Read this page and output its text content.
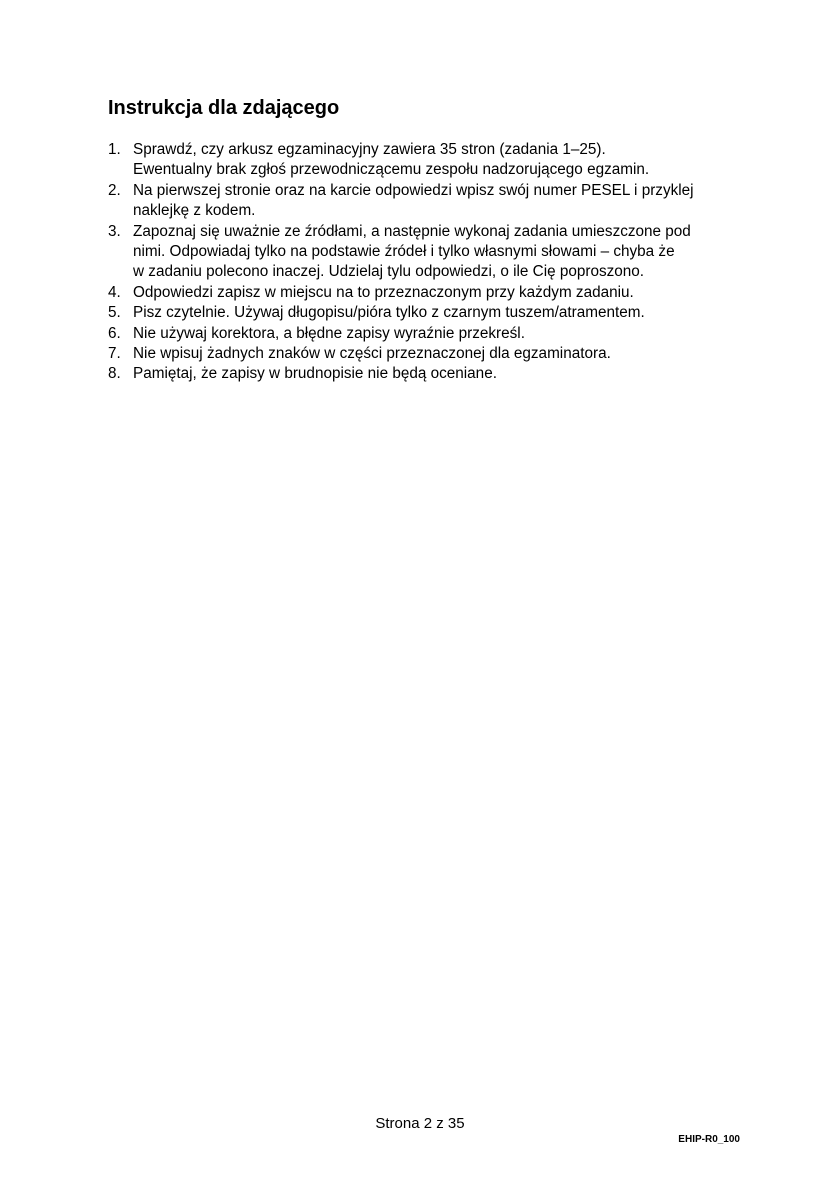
Instrukcja dla zdającego
1. Sprawdź, czy arkusz egzaminacyjny zawiera 35 stron (zadania 1–25).
Ewentualny brak zgłoś przewodniczącemu zespołu nadzorującego egzamin.
2. Na pierwszej stronie oraz na karcie odpowiedzi wpisz swój numer PESEL i przyklej
naklejkę z kodem.
3. Zapoznaj się uważnie ze źródłami, a następnie wykonaj zadania umieszczone pod
nimi. Odpowiadaj tylko na podstawie źródeł i tylko własnymi słowami – chyba że
w zadaniu polecono inaczej. Udzielaj tylu odpowiedzi, o ile Cię poproszono.
4. Odpowiedzi zapisz w miejscu na to przeznaczonym przy każdym zadaniu.
5. Pisz czytelnie. Używaj długopisu/pióra tylko z czarnym tuszem/atramentem.
6. Nie używaj korektora, a błędne zapisy wyraźnie przekreśl.
7. Nie wpisuj żadnych znaków w części przeznaczonej dla egzaminatora.
8. Pamiętaj, że zapisy w brudnopisie nie będą oceniane.
Strona 2 z 35
EHIP-R0_100
